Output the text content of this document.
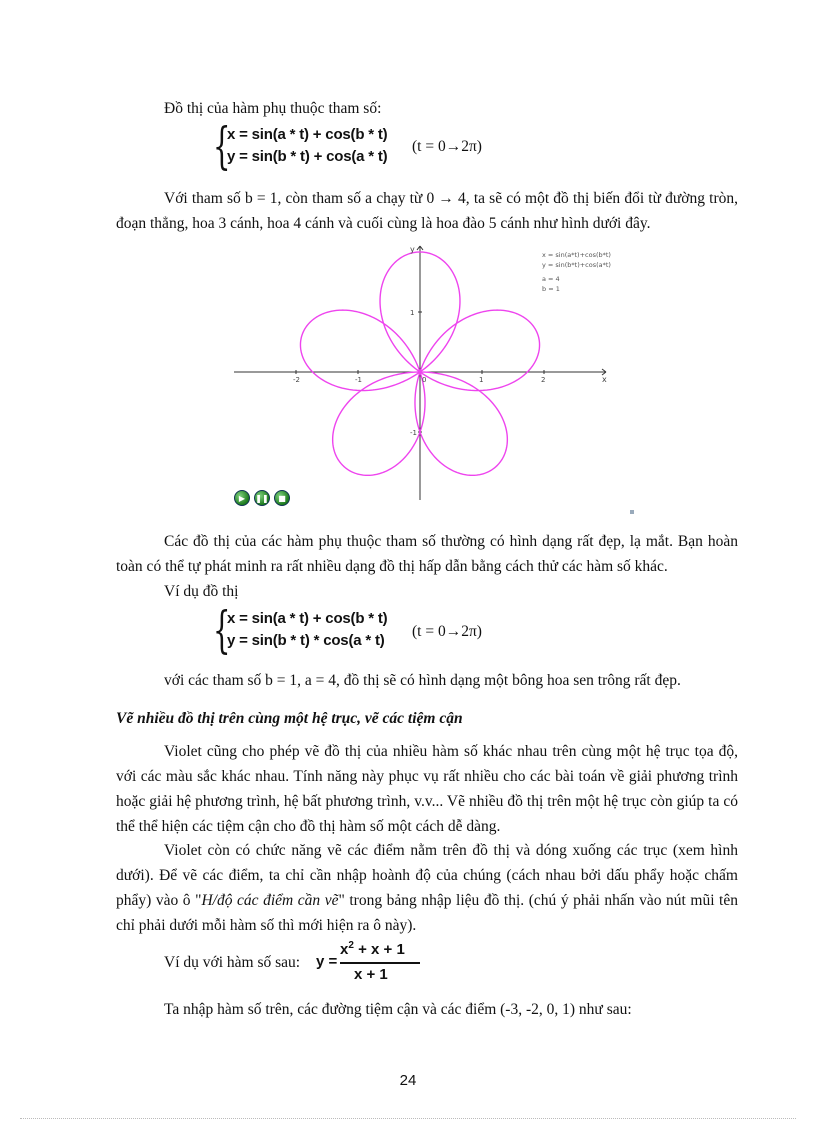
Đồ thị của hàm phụ thuộc tham số:

{
x = sin(a * t) + cos(b * t)
y = sin(b * t) + cos(a * t)
(t = 0→2π)

Với tham số b = 1, còn tham số a chạy từ 0 → 4, ta sẽ có một đồ thị biến đổi từ đường tròn, đoạn thẳng, hoa 3 cánh, hoa 4 cánh và cuối cùng là hoa đào 5 cánh như hình dưới đây.

x
y
-2	-1	0	1	2
1
-1
x = sin(a*t)+cos(b*t)
y = sin(b*t)+cos(a*t)
a = 4
b = 1
▶	❚❚	■

Các đồ thị của các hàm phụ thuộc tham số thường có hình dạng rất đẹp, lạ mắt. Bạn hoàn toàn có thể tự phát minh ra rất nhiều dạng đồ thị hấp dẫn bằng cách thử các hàm số khác.

Ví dụ đồ thị

{
x = sin(a * t) + cos(b * t)
y = sin(b * t) * cos(a * t)
(t = 0→2π)

với các tham số b = 1, a = 4, đồ thị sẽ có hình dạng một bông hoa sen trông rất đẹp.

Vẽ nhiều đồ thị trên cùng một hệ trục, vẽ các tiệm cận

Violet cũng cho phép vẽ đồ thị của nhiều hàm số khác nhau trên cùng một hệ trục tọa độ, với các màu sắc khác nhau. Tính năng này phục vụ rất nhiều cho các bài toán về giải phương trình hoặc giải hệ phương trình, hệ bất phương trình, v.v... Vẽ nhiều đồ thị trên một hệ trục còn giúp ta có thể thể hiện các tiệm cận cho đồ thị hàm số một cách dễ dàng.

Violet còn có chức năng vẽ các điểm nằm trên đồ thị và dóng xuống các trục (xem hình dưới). Để vẽ các điểm, ta chỉ cần nhập hoành độ của chúng (cách nhau bởi dấu phẩy hoặc chấm phẩy) vào ô "H/độ các điểm cần vẽ" trong bảng nhập liệu đồ thị. (chú ý phải nhấn vào nút mũi tên chỉ phải dưới mỗi hàm số thì mới hiện ra ô này).

Ví dụ với hàm số sau: y =
$x^2 + x + 1$
x + 1

Ta nhập hàm số trên, các đường tiệm cận và các điểm (-3, -2, 0, 1) như sau:

24
